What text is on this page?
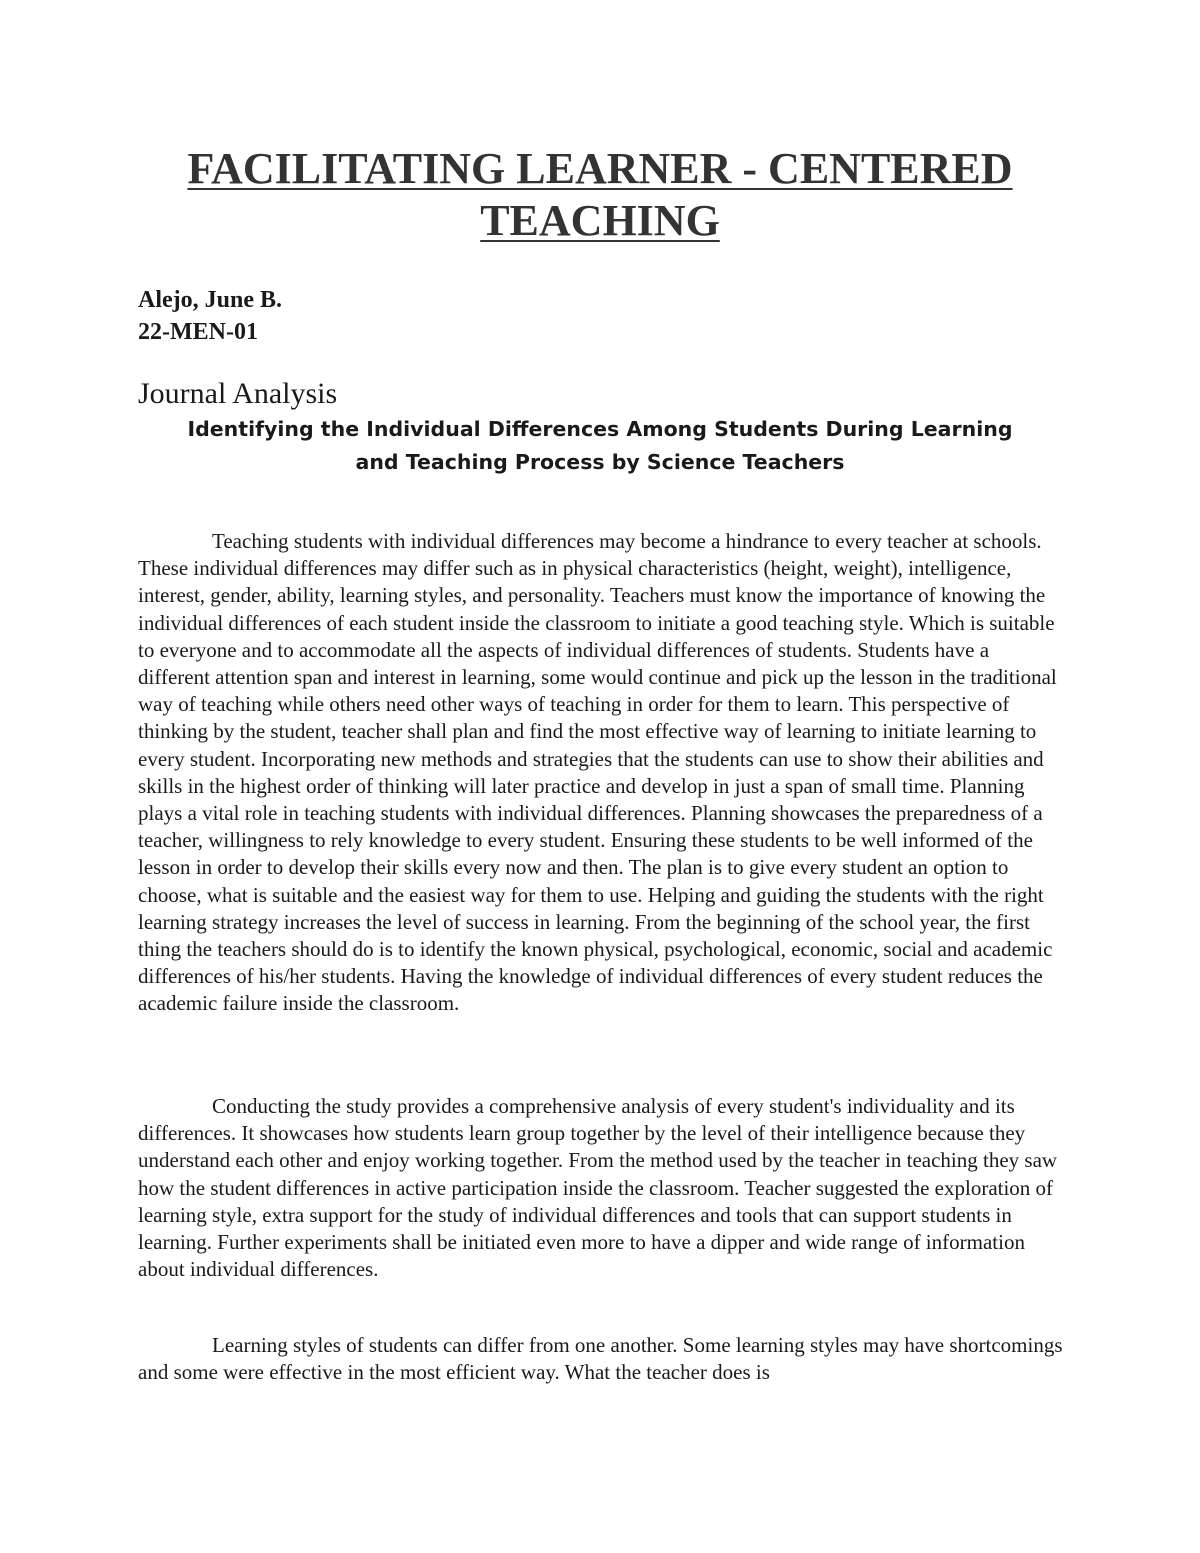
FACILITATING LEARNER - CENTERED
TEACHING
Alejo, June B.
22-MEN-01
Journal Analysis
Identifying the Individual Differences Among Students During Learning
and Teaching Process by Science Teachers

Teaching students with individual differences may become a hindrance to every teacher at schools. These individual differences may differ such as in physical characteristics (height, weight), intelligence, interest, gender, ability, learning styles, and personality. Teachers must know the importance of knowing the individual differences of each student inside the classroom to initiate a good teaching style. Which is suitable to everyone and to accommodate all the aspects of individual differences of students. Students have a different attention span and interest in learning, some would continue and pick up the lesson in the traditional way of teaching while others need other ways of teaching in order for them to learn. This perspective of thinking by the student, teacher shall plan and find the most effective way of learning to initiate learning to every student. Incorporating new methods and strategies that the students can use to show their abilities and skills in the highest order of thinking will later practice and develop in just a span of small time. Planning plays a vital role in teaching students with individual differences. Planning showcases the preparedness of a teacher, willingness to rely knowledge to every student. Ensuring these students to be well informed of the lesson in order to develop their skills every now and then. The plan is to give every student an option to choose, what is suitable and the easiest way for them to use. Helping and guiding the students with the right learning strategy increases the level of success in learning. From the beginning of the school year, the first thing the teachers should do is to identify the known physical, psychological, economic, social and academic differences of his/her students. Having the knowledge of individual differences of every student reduces the academic failure inside the classroom.

Conducting the study provides a comprehensive analysis of every student's individuality and its differences. It showcases how students learn group together by the level of their intelligence because they understand each other and enjoy working together. From the method used by the teacher in teaching they saw how the student differences in active participation inside the classroom. Teacher suggested the exploration of learning style, extra support for the study of individual differences and tools that can support students in learning. Further experiments shall be initiated even more to have a dipper and wide range of information about individual differences.

Learning styles of students can differ from one another. Some learning styles may have shortcomings and some were effective in the most efficient way. What the teacher does is
